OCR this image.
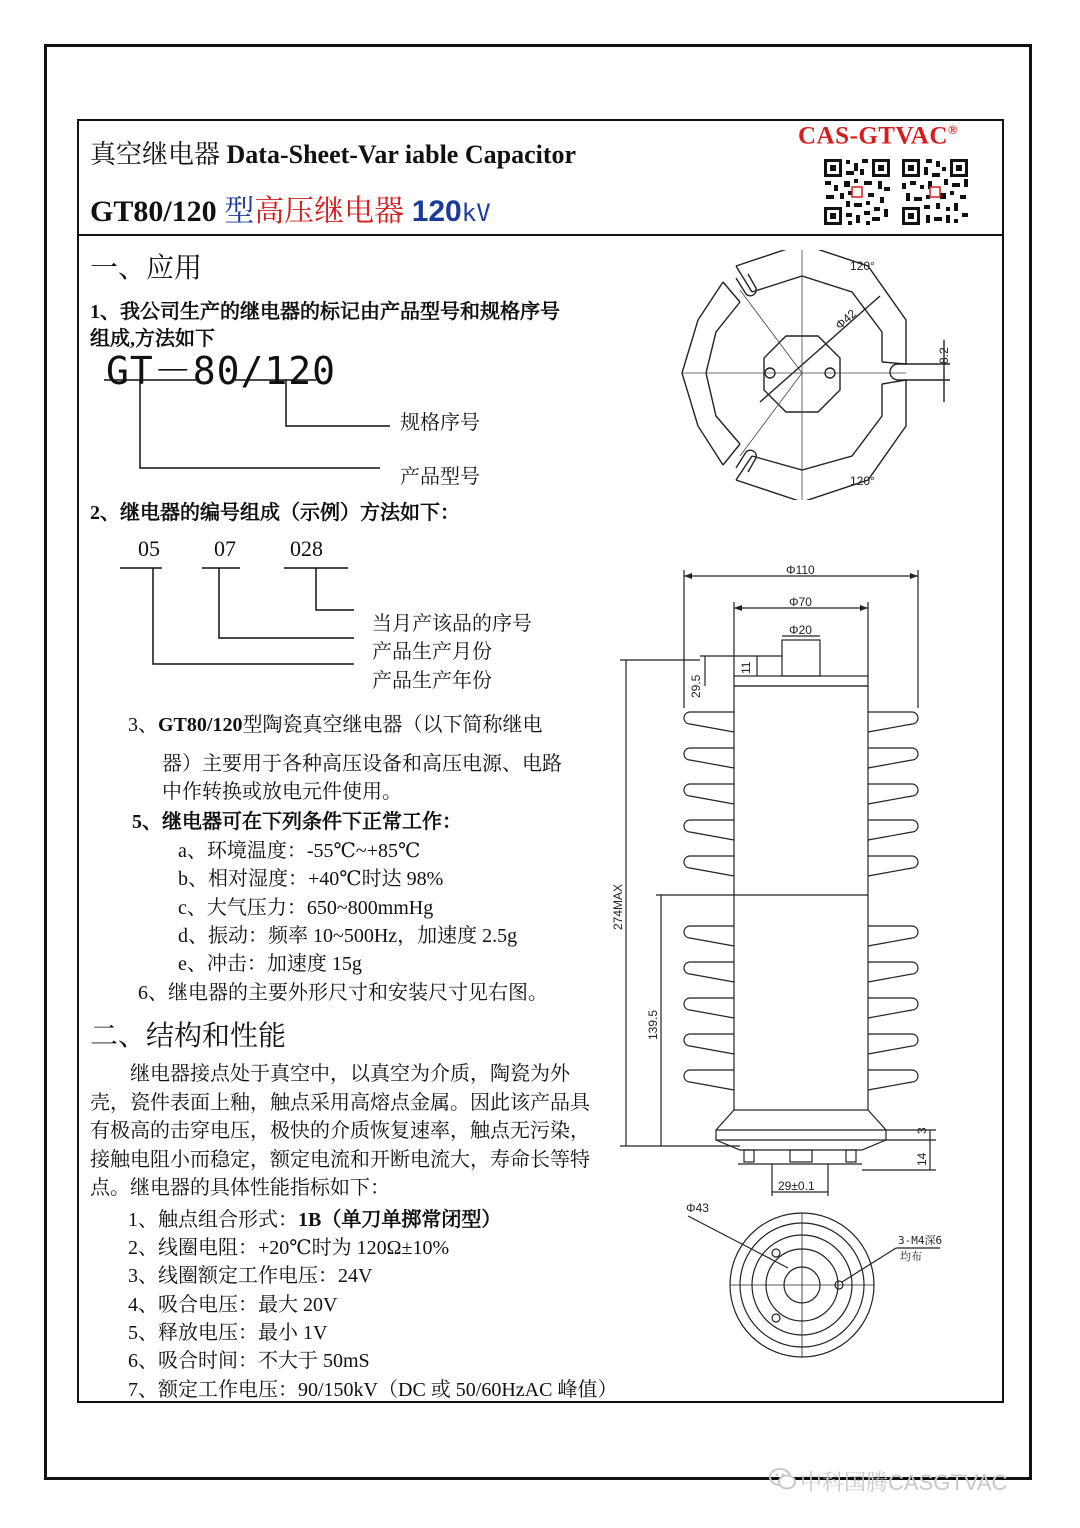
真空继电器 Data-Sheet-Var iable Capacitor
GT80/120 型高压继电器 120kV
CAS-GTVAC®
一、应用
1、我公司生产的继电器的标记由产品型号和规格序号
组成,方法如下
GT－80/120
规格序号
产品型号
2、继电器的编号组成（示例）方法如下：
05 07 028
当月产该品的序号
产品生产月份
产品生产年份
3、GT80/120型陶瓷真空继电器（以下简称继电
器）主要用于各种高压设备和高压电源、电路
中作转换或放电元件使用。
5、继电器可在下列条件下正常工作：
a、环境温度：-55℃~+85℃
b、相对湿度：+40℃时达 98%
c、大气压力：650~800mmHg
d、振动：频率 10~500Hz，加速度 2.5g
e、冲击：加速度 15g
6、继电器的主要外形尺寸和安装尺寸见右图。
二、结构和性能
继电器接点处于真空中，以真空为介质，陶瓷为外壳，瓷件表面上釉，触点采用高熔点金属。因此该产品具有极高的击穿电压，极快的介质恢复速率，触点无污染，接触电阻小而稳定，额定电流和开断电流大，寿命长等特点。继电器的具体性能指标如下：
1、触点组合形式：1B（单刀单掷常闭型）
2、线圈电阻：+20℃时为 120Ω±10%
3、线圈额定工作电压：24V
4、吸合电压：最大 20V
5、释放电压：最小 1V
6、吸合时间：不大于 50mS
7、额定工作电压：90/150kV（DC 或 50/60HzAC 峰值）
120°
120°
Φ42
8.2
Φ110
Φ70
Φ20
11
29.5
274MAX
139.5
3
14
29±0.1
Φ43
3-M4深6
均布
中科国腾CASGTVAC
